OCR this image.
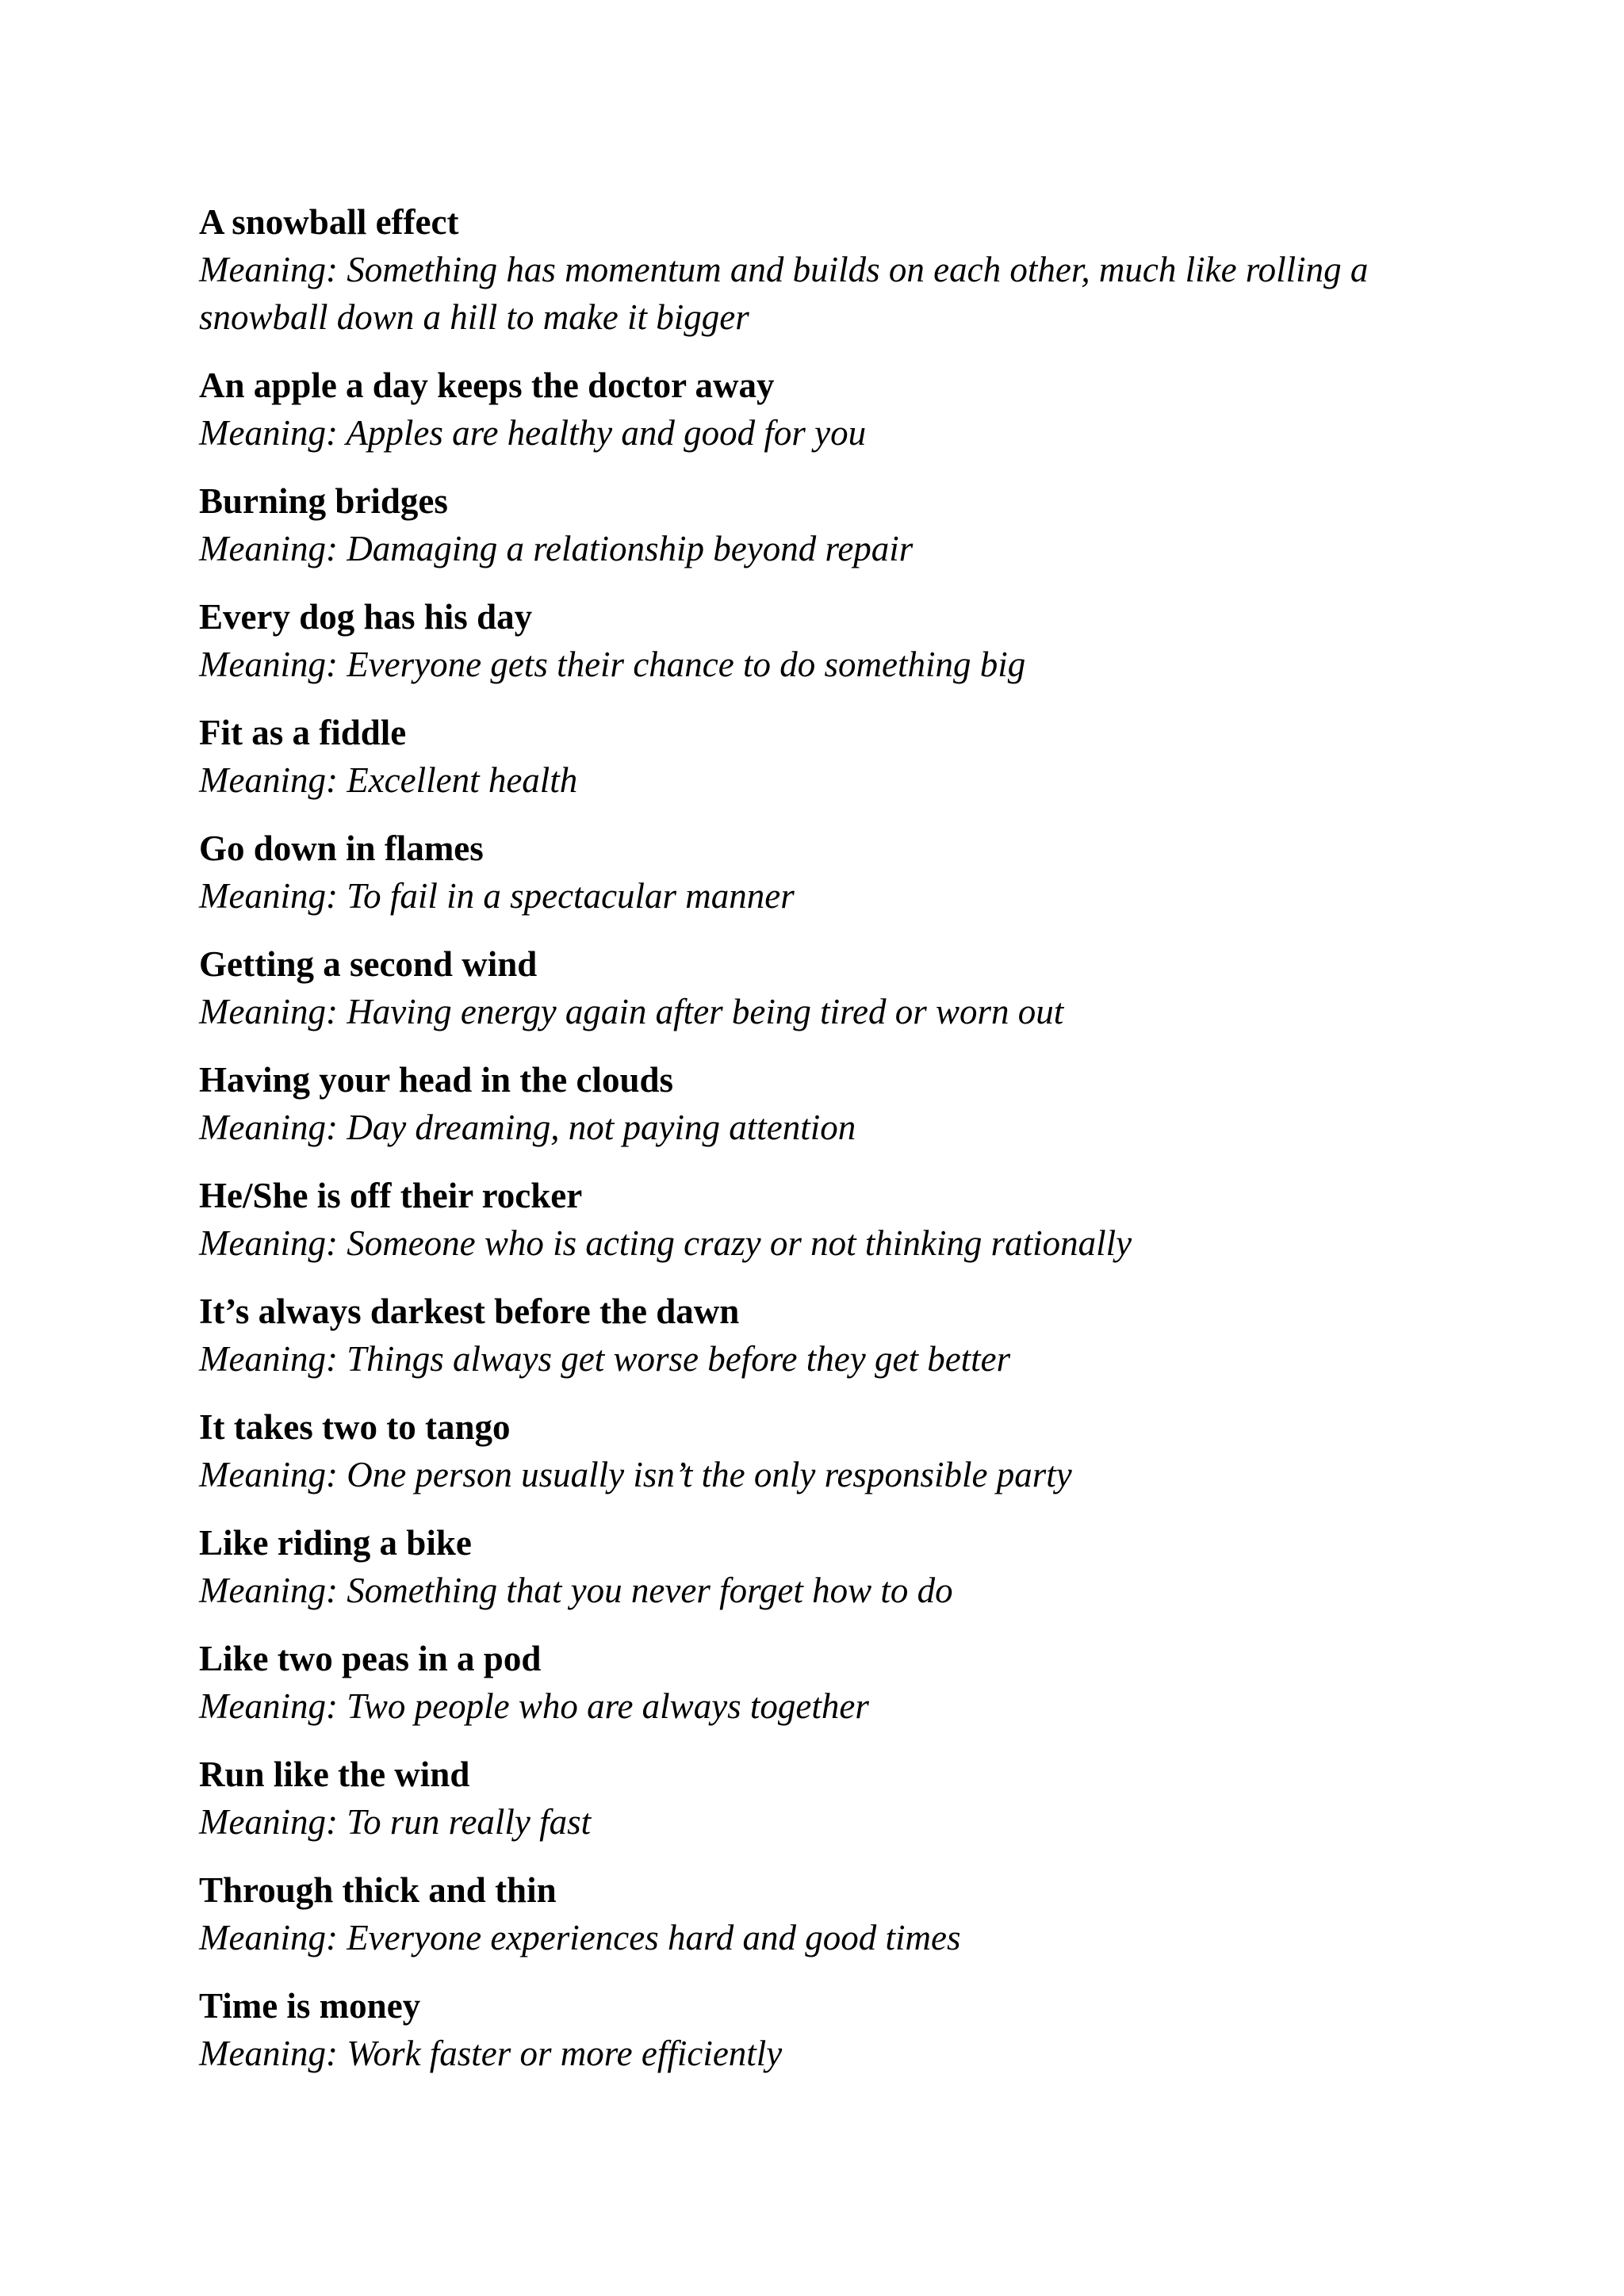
A snowball effect

Meaning: Something has momentum and builds on each other, much like rolling a snowball down a hill to make it bigger

An apple a day keeps the doctor away

Meaning: Apples are healthy and good for you

Burning bridges

Meaning: Damaging a relationship beyond repair

Every dog has his day

Meaning: Everyone gets their chance to do something big

Fit as a fiddle

Meaning: Excellent health

Go down in flames

Meaning: To fail in a spectacular manner

Getting a second wind

Meaning: Having energy again after being tired or worn out

Having your head in the clouds

Meaning: Day dreaming, not paying attention

He/She is off their rocker

Meaning: Someone who is acting crazy or not thinking rationally

It’s always darkest before the dawn

Meaning: Things always get worse before they get better

It takes two to tango

Meaning: One person usually isn’t the only responsible party

Like riding a bike

Meaning: Something that you never forget how to do

Like two peas in a pod

Meaning: Two people who are always together

Run like the wind

Meaning: To run really fast

Through thick and thin

Meaning: Everyone experiences hard and good times

Time is money

Meaning: Work faster or more efficiently
